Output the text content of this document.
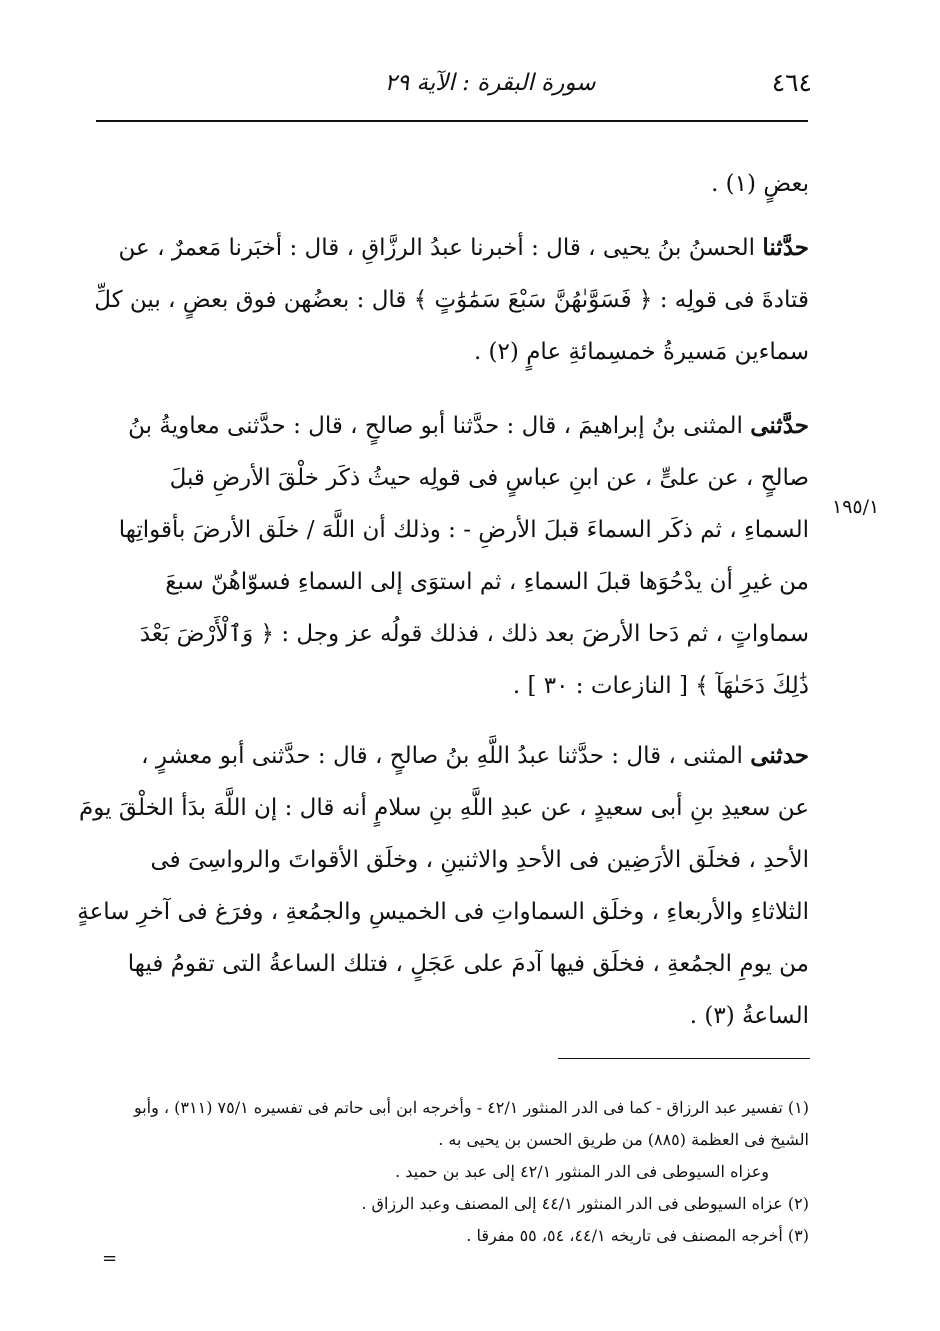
٤٦٤
سورة البقرة : الآية ٢٩
١٩٥/١
بعضٍ (١) .
حدَّثنا الحسنُ بنُ يحيى ، قال : أخبرنا عبدُ الرزَّاقِ ، قال : أخبَرنا مَعمرٌ ، عن
قتادةَ فى قولِه : ﴿ فَسَوَّىٰهُنَّ سَبْعَ سَمَٰوَٰتٍ ﴾ قال : بعضُهن فوق بعضٍ ، بين كلِّ
سماءين مَسيرةُ خمسِمائةِ عامٍ (٢) .
حدَّثنى المثنى بنُ إبراهيمَ ، قال : حدَّثنا أبو صالحٍ ، قال : حدَّثنى معاويةُ بنُ
صالحٍ ، عن علىٍّ ، عن ابنِ عباسٍ فى قولِه حيثُ ذكَر خلْقَ الأرضِ قبلَ
السماءِ ، ثم ذكَر السماءَ قبلَ الأرضِ - : وذلك أن اللَّهَ / خلَق الأرضَ بأقواتِها
من غيرِ أن يدْحُوَها قبلَ السماءِ ، ثم استوَى إلى السماءِ فسوّاهُنّ سبعَ
سماواتٍ ، ثم دَحا الأرضَ بعد ذلك ، فذلك قولُه عز وجل : ﴿ وَٱلْأَرْضَ بَعْدَ
ذَٰلِكَ دَحَىٰهَآ ﴾ [ النازعات : ٣٠ ] .
حدثنى المثنى ، قال : حدَّثنا عبدُ اللَّهِ بنُ صالحٍ ، قال : حدَّثنى أبو معشرٍ ،
عن سعيدِ بنِ أبى سعيدٍ ، عن عبدِ اللَّهِ بنِ سلامٍ أنه قال : إن اللَّهَ بدَأ الخلْقَ يومَ
الأحدِ ، فخلَق الأرَضِين فى الأحدِ والاثنينِ ، وخلَق الأقواتَ والرواسِىَ فى
الثلاثاءِ والأربعاءِ ، وخلَق السماواتِ فى الخميسِ والجمُعةِ ، وفرَغ فى آخرِ ساعةٍ
من يومِ الجمُعةِ ، فخلَق فيها آدمَ على عَجَلٍ ، فتلك الساعةُ التى تقومُ فيها
الساعةُ (٣) .
(١) تفسير عبد الرزاق - كما فى الدر المنثور ٤٢/١ - وأخرجه ابن أبى حاتم فى تفسيره ٧٥/١ (٣١١) ، وأبو
الشيخ فى العظمة (٨٨٥) من طريق الحسن بن يحيى به .
وعزاه السيوطى فى الدر المنثور ٤٢/١ إلى عبد بن حميد .
(٢) عزاه السيوطى فى الدر المنثور ٤٤/١ إلى المصنف وعبد الرزاق .
(٣) أخرجه المصنف فى تاريخه ٤٤/١، ٥٤، ٥٥ مفرقا .
=
